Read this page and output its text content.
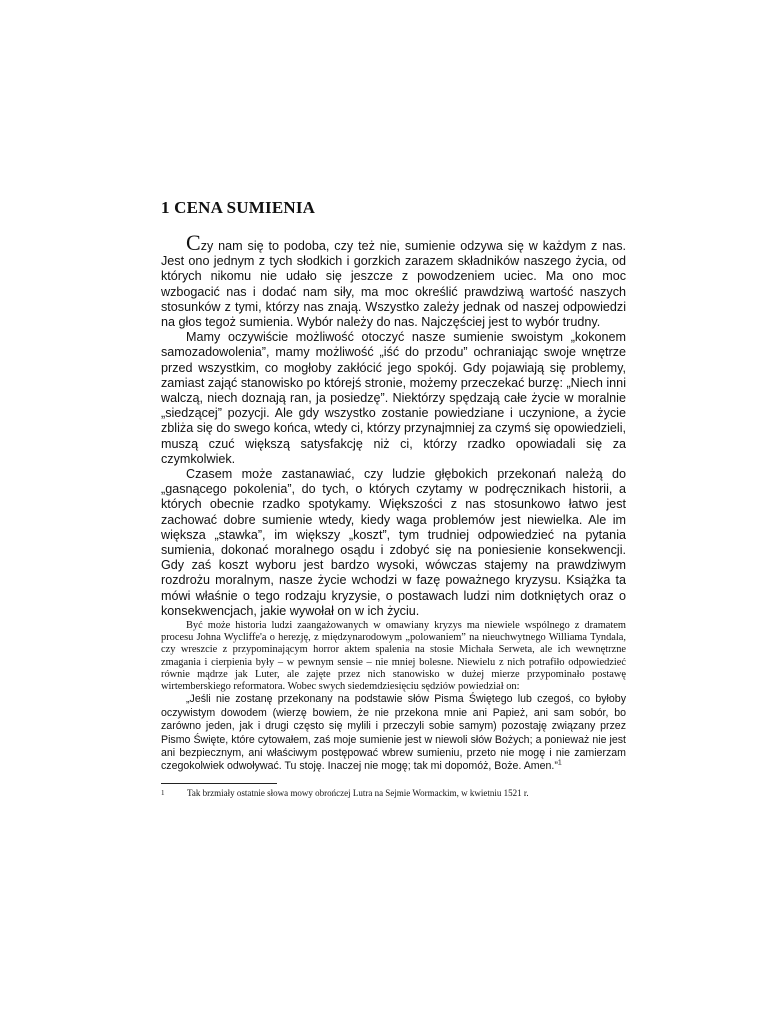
1 CENA SUMIENIA

Czy nam się to podoba, czy też nie, sumienie odzywa się w każdym z nas. Jest ono jednym z tych słodkich i gorzkich zarazem składników naszego życia, od których nikomu nie udało się jeszcze z powodzeniem uciec. Ma ono moc wzbogacić nas i dodać nam siły, ma moc określić prawdziwą wartość naszych stosunków z tymi, którzy nas znają. Wszystko zależy jednak od naszej odpowiedzi na głos tegoż sumienia. Wybór należy do nas. Najczęściej jest to wybór trudny.

Mamy oczywiście możliwość otoczyć nasze sumienie swoistym „kokonem samozadowolenia”, mamy możliwość „iść do przodu” ochraniając swoje wnętrze przed wszystkim, co mogłoby zakłócić jego spokój. Gdy pojawiają się problemy, zamiast zająć stanowisko po którejś stronie, możemy przeczekać burzę: „Niech inni walczą, niech doznają ran, ja posiedzę”. Niektórzy spędzają całe życie w moralnie „siedzącej” pozycji. Ale gdy wszystko zostanie powiedziane i uczynione, a życie zbliża się do swego końca, wtedy ci, którzy przynajmniej za czymś się opowiedzieli, muszą czuć większą satysfakcję niż ci, którzy rzadko opowiadali się za czymkolwiek.

Czasem może zastanawiać, czy ludzie głębokich przekonań należą do „gasnącego pokolenia”, do tych, o których czytamy w podręcznikach historii, a których obecnie rzadko spotykamy. Większości z nas stosunkowo łatwo jest zachować dobre sumienie wtedy, kiedy waga problemów jest niewielka. Ale im większa „stawka”, im większy „koszt”, tym trudniej odpowiedzieć na pytania sumienia, dokonać moralnego osądu i zdobyć się na poniesienie konsekwencji. Gdy zaś koszt wyboru jest bardzo wysoki, wówczas stajemy na prawdziwym rozdrożu moralnym, nasze życie wchodzi w fazę poważnego kryzysu. Książka ta mówi właśnie o tego rodzaju kryzysie, o postawach ludzi nim dotkniętych oraz o konsekwencjach, jakie wywołał on w ich życiu.

Być może historia ludzi zaangażowanych w omawiany kryzys ma niewiele wspólnego z dramatem procesu Johna Wycliffe'a o herezję, z międzynarodowym „polowaniem” na nieuchwytnego Williama Tyndala, czy wreszcie z przypominającym horror aktem spalenia na stosie Michała Serweta, ale ich wewnętrzne zmagania i cierpienia były – w pewnym sensie – nie mniej bolesne. Niewielu z nich potrafiło odpowiedzieć równie mądrze jak Luter, ale zajęte przez nich stanowisko w dużej mierze przypominało postawę wirtemberskiego reformatora. Wobec swych siedemdziesięciu sędziów powiedział on:

„Jeśli nie zostanę przekonany na podstawie słów Pisma Świętego lub czegoś, co byłoby oczywistym dowodem (wierzę bowiem, że nie przekona mnie ani Papież, ani sam sobór, bo zarówno jeden, jak i drugi często się mylili i przeczyli sobie samym) pozostaję związany przez Pismo Święte, które cytowałem, zaś moje sumienie jest w niewoli słów Bożych; a ponieważ nie jest ani bezpiecznym, ani właściwym postępować wbrew sumieniu, przeto nie mogę i nie zamierzam czegokolwiek odwoływać. Tu stoję. Inaczej nie mogę; tak mi dopomóż, Boże. Amen.”$^1$

1	Tak brzmiały ostatnie słowa mowy obrończej Lutra na Sejmie Wormackim, w kwietniu 1521 r.
